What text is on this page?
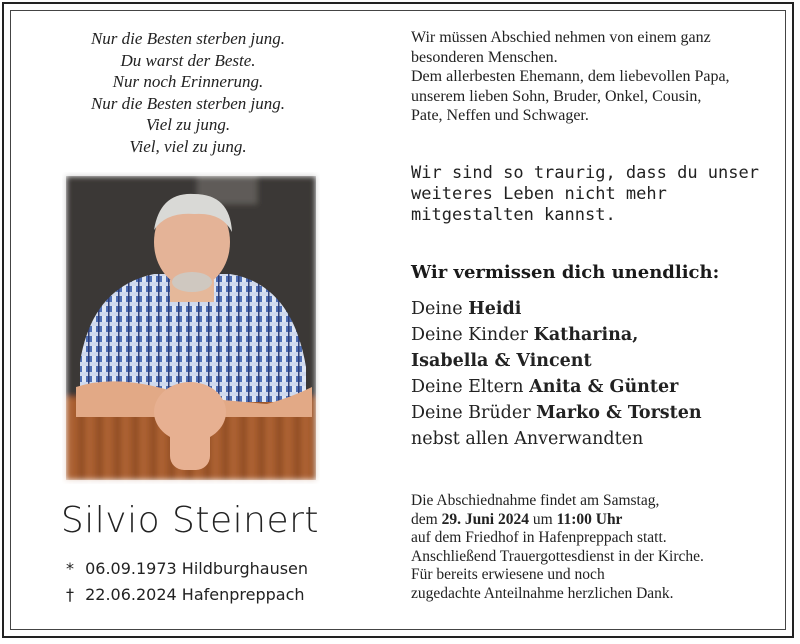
Nur die Besten sterben jung.
Du warst der Beste.
Nur noch Erinnerung.
Nur die Besten sterben jung.
Viel zu jung.
Viel, viel zu jung.
Silvio Steinert
* 06.09.1973 Hildburghausen
† 22.06.2024 Hafenpreppach
Wir müssen Abschied nehmen von einem ganz
besonderen Menschen.
Dem allerbesten Ehemann, dem liebevollen Papa,
unserem lieben Sohn, Bruder, Onkel, Cousin,
Pate, Neffen und Schwager.
Wir sind so traurig, dass du unser
weiteres Leben nicht mehr
mitgestalten kannst.
Wir vermissen dich unendlich:
Deine Heidi
Deine Kinder Katharina,
Isabella & Vincent
Deine Eltern Anita & Günter
Deine Brüder Marko & Torsten
nebst allen Anverwandten
Die Abschiednahme findet am Samstag,
dem 29. Juni 2024 um 11:00 Uhr
auf dem Friedhof in Hafenpreppach statt.
Anschließend Trauergottesdienst in der Kirche.
Für bereits erwiesene und noch
zugedachte Anteilnahme herzlichen Dank.
